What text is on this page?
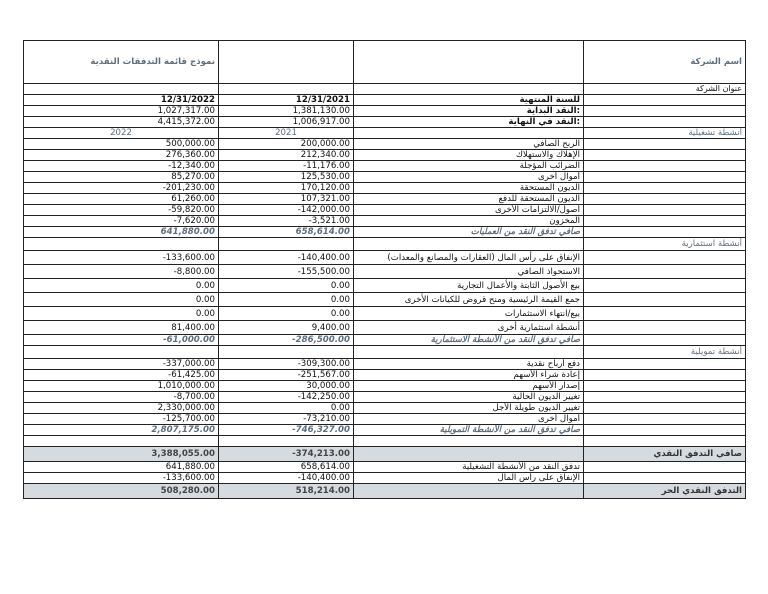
نموذج قائمة التدفقات النقدية			اسم الشركة
			عنوان الشركة
12/31/2022	12/31/2021	للسنة المنتهية	
1,027,317.00	1,381,130.00	النقد البداية:	
4,415,372.00	1,006,917.00	النقد في النهاية:	
2022	2021		أنشطة تشغيلية
500,000.00	200,000.00	الربح الصافي	
276,360.00	212,340.00	الإهلاك والاستهلاك	
-12,340.00	-11,176.00	الضرائب المؤجلة	
85,270.00	125,530.00	أموال أخرى	
-201,230.00	170,120.00	الديون المستحقة	
61,260.00	107,321.00	الديون المستحقة للدفع	
-59,820.00	-142,000.00	أصول/الالتزامات الأخرى	
-7,620.00	-3,521.00	المخزون	
641,880.00	658,614.00	صافي تدفق النقد من العمليات	
			أنشطة استثمارية
-133,600.00	-140,400.00	الإنفاق على رأس المال (العقارات والمصانع والمعدات)	
-8,800.00	-155,500.00	الاستحواذ الصافي	
0.00	0.00	بيع الأصول الثابتة والأعمال التجارية	
0.00	0.00	جمع القيمة الرئيسية ومنح قروض للكيانات الأخرى	
0.00	0.00	بيع/انتهاء الاستثمارات	
81,400.00	9,400.00	أنشطة استثمارية أخرى	
-61,000.00	-286,500.00	صافي تدفق النقد من الأنشطة الاستثمارية	
			أنشطة تمويلية
-337,000.00	-309,300.00	دفع أرباح نقدية	
-61,425.00	-251,567.00	إعادة شراء الأسهم	
1,010,000.00	30,000.00	إصدار الأسهم	
-8,700.00	-142,250.00	تغيير الديون الحالية	
2,330,000.00	0.00	تغيير الديون طويلة الأجل	
-125,700.00	-73,210.00	أموال أخرى	
2,807,175.00	-746,327.00	صافي تدفق النقد من الأنشطة التمويلية	

3,388,055.00	-374,213.00		صافي التدفق النقدي
641,880.00	658,614.00	تدفق النقد من الأنشطة التشغيلية	
-133,600.00	-140,400.00	الإنفاق على رأس المال	
508,280.00	518,214.00		التدفق النقدي الحر
